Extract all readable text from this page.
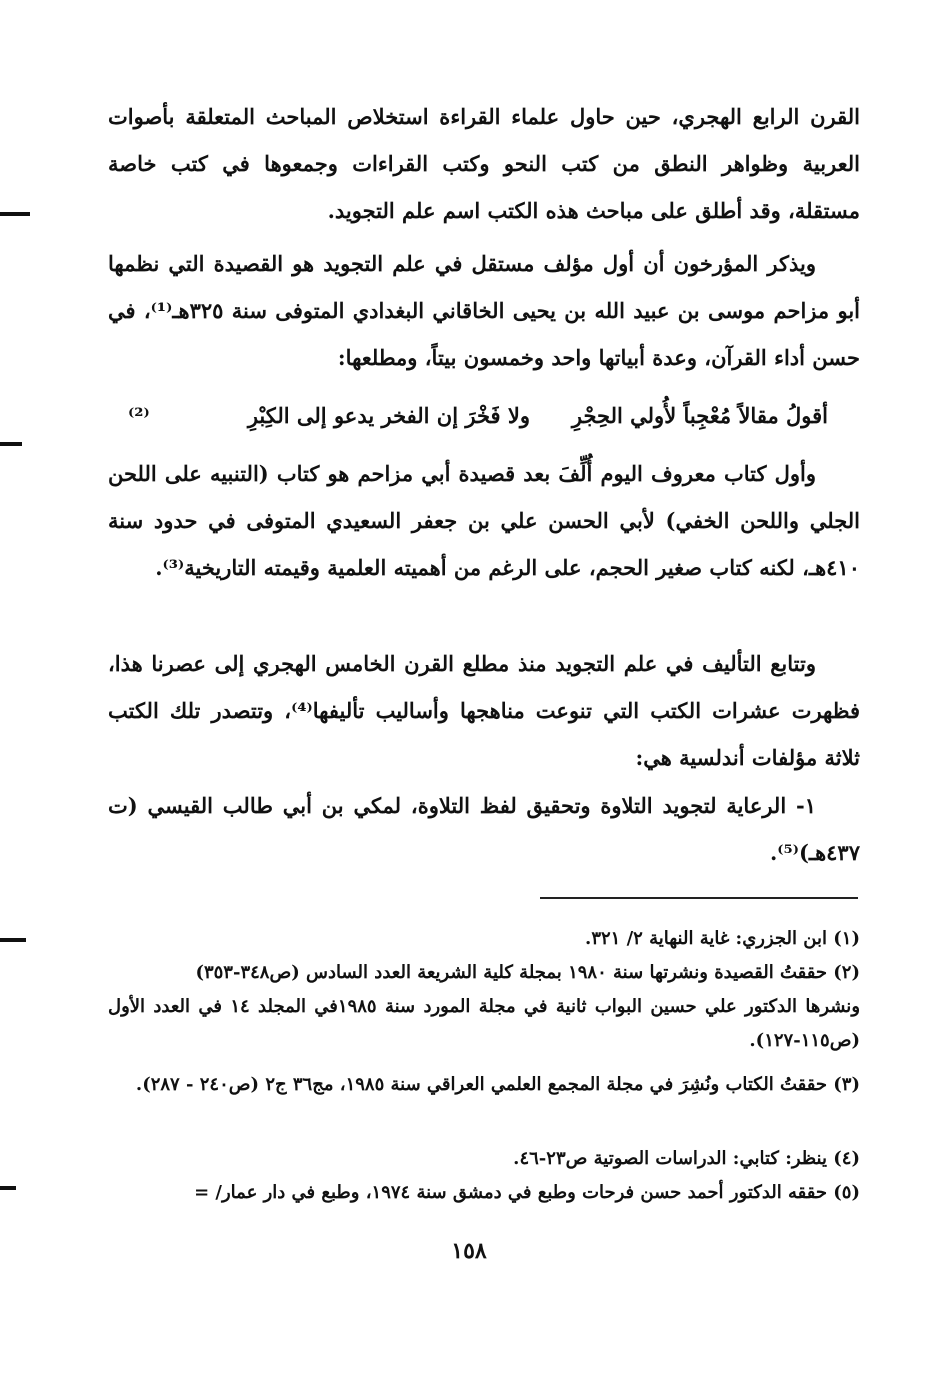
القرن الرابع الهجري، حين حاول علماء القراءة استخلاص المباحث المتعلقة بأصوات العربية وظواهر النطق من كتب النحو وكتب القراءات وجمعوها في كتب خاصة مستقلة، وقد أطلق على مباحث هذه الكتب اسم علم التجويد.

ويذكر المؤرخون أن أول مؤلف مستقل في علم التجويد هو القصيدة التي نظمها أبو مزاحم موسى بن عبيد الله بن يحيى الخاقاني البغدادي المتوفى سنة ٣٢٥هـ⁽¹⁾، في حسن أداء القرآن، وعدة أبياتها واحد وخمسون بيتاً، ومطلعها:

أقولُ مقالاً مُعْجِباً لأُولي الحِجْرِ
ولا فَخْرَ إن الفخر يدعو إلى الكِبْرِ
⁽²⁾

وأول كتاب معروف اليوم أُلِّفَ بعد قصيدة أبي مزاحم هو كتاب (التنبيه على اللحن الجلي واللحن الخفي) لأبي الحسن علي بن جعفر السعيدي المتوفى في حدود سنة ٤١٠هـ، لكنه كتاب صغير الحجم، على الرغم من أهميته العلمية وقيمته التاريخية⁽³⁾.

وتتابع التأليف في علم التجويد منذ مطلع القرن الخامس الهجري إلى عصرنا هذا، فظهرت عشرات الكتب التي تنوعت مناهجها وأساليب تأليفها⁽⁴⁾، وتتصدر تلك الكتب ثلاثة مؤلفات أندلسية هي:

١- الرعاية لتجويد التلاوة وتحقيق لفظ التلاوة، لمكي بن أبي طالب القيسي (ت ٤٣٧هـ)⁽⁵⁾.

(١) ابن الجزري: غاية النهاية ٢/ ٣٢١.

(٢) حققتُ القصيدة ونشرتها سنة ١٩٨٠ بمجلة كلية الشريعة العدد السادس (ص٣٤٨-٣٥٣)

ونشرها الدكتور علي حسين البواب ثانية في مجلة المورد سنة ١٩٨٥في المجلد ١٤ في العدد الأول (ص١١٥-١٢٧).

(٣) حققتُ الكتاب ونُشِرَ في مجلة المجمع العلمي العراقي سنة ١٩٨٥، مج٣٦ ج٢ (ص٢٤٠ - ٢٨٧).

(٤) ينظر: كتابي: الدراسات الصوتية ص٢٣-٤٦.

(٥) حققه الدكتور أحمد حسن فرحات وطبع في دمشق سنة ١٩٧٤، وطبع في دار عمار/ =

١٥٨
